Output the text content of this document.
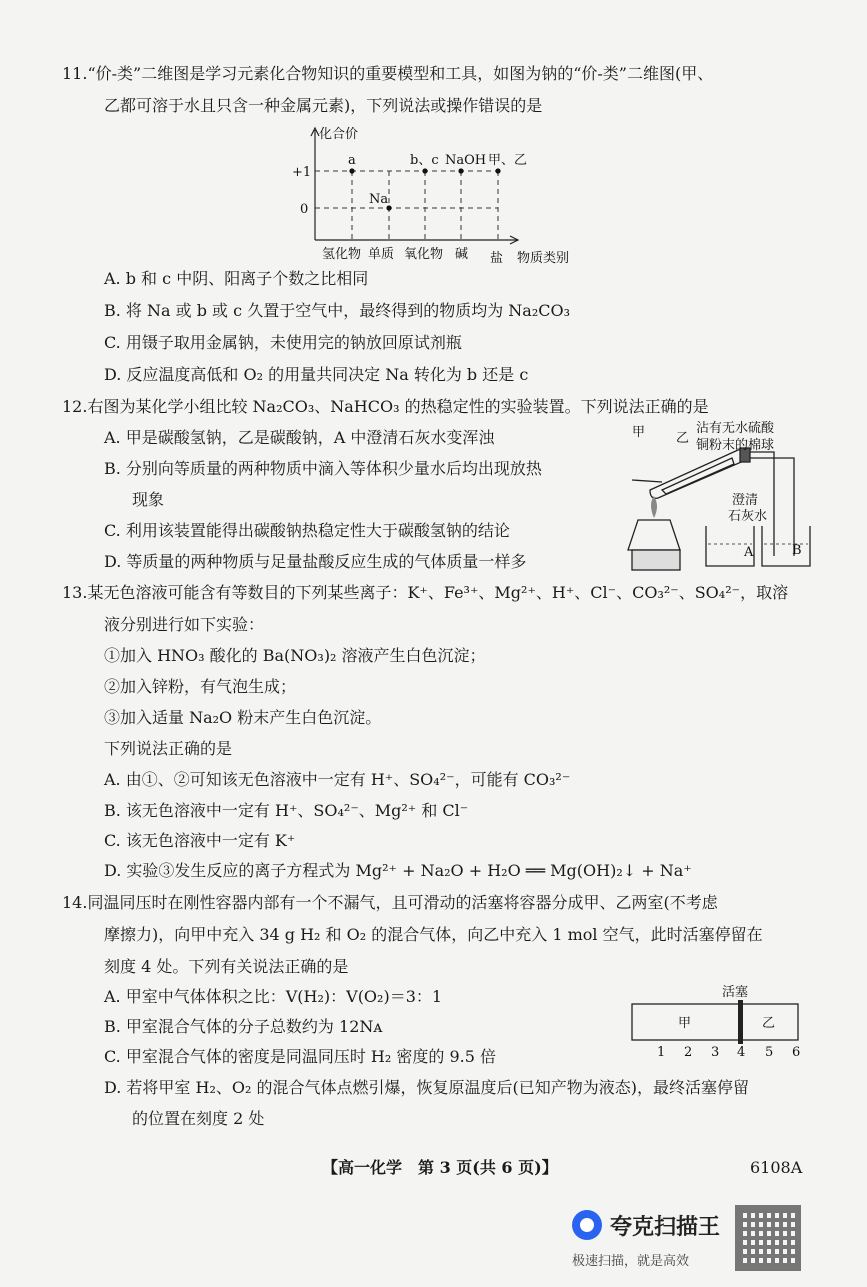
11.“价-类”二维图是学习元素化合物知识的重要模型和工具，如图为钠的“价-类”二维图(甲、
乙都可溶于水且只含一种金属元素)，下列说法或操作错误的是
化合价
+1
0
a	b、c NaOH 甲、乙
Na
氢化物 单质 氧化物 碱 盐 物质类别
A. b 和 c 中阴、阳离子个数之比相同
B. 将 Na 或 b 或 c 久置于空气中，最终得到的物质均为 Na₂CO₃
C. 用镊子取用金属钠，未使用完的钠放回原试剂瓶
D. 反应温度高低和 O₂ 的用量共同决定 Na 转化为 b 还是 c
12.右图为某化学小组比较 Na₂CO₃、NaHCO₃ 的热稳定性的实验装置。下列说法正确的是
A. 甲是碳酸氢钠，乙是碳酸钠，A 中澄清石灰水变浑浊
B. 分别向等质量的两种物质中滴入等体积少量水后均出现放热
现象
C. 利用该装置能得出碳酸钠热稳定性大于碳酸氢钠的结论
D. 等质量的两种物质与足量盐酸反应生成的气体质量一样多
甲 乙
沾有无水硫酸
铜粉末的棉球
澄清
石灰水
A	B
13.某无色溶液可能含有等数目的下列某些离子：K⁺、Fe³⁺、Mg²⁺、H⁺、Cl⁻、CO₃²⁻、SO₄²⁻，取溶
液分别进行如下实验：
①加入 HNO₃ 酸化的 Ba(NO₃)₂ 溶液产生白色沉淀；
②加入锌粉，有气泡生成；
③加入适量 Na₂O 粉末产生白色沉淀。
下列说法正确的是
A. 由①、②可知该无色溶液中一定有 H⁺、SO₄²⁻，可能有 CO₃²⁻
B. 该无色溶液中一定有 H⁺、SO₄²⁻、Mg²⁺ 和 Cl⁻
C. 该无色溶液中一定有 K⁺
D. 实验③发生反应的离子方程式为 Mg²⁺ + Na₂O + H₂O ══ Mg(OH)₂↓ + Na⁺
14.同温同压时在刚性容器内部有一个不漏气，且可滑动的活塞将容器分成甲、乙两室(不考虑
摩擦力)，向甲中充入 34 g H₂ 和 O₂ 的混合气体，向乙中充入 1 mol 空气，此时活塞停留在
刻度 4 处。下列有关说法正确的是
A. 甲室中气体体积之比：V(H₂)：V(O₂)＝3：1
B. 甲室混合气体的分子总数约为 12Nᴀ
C. 甲室混合气体的密度是同温同压时 H₂ 密度的 9.5 倍
D. 若将甲室 H₂、O₂ 的混合气体点燃引爆，恢复原温度后(已知产物为液态)，最终活塞停留
的位置在刻度 2 处
活塞
甲	乙
1 2 3 4 5 6
【高一化学　第 3 页(共 6 页)】	6108A
夸克扫描王
极速扫描，就是高效
